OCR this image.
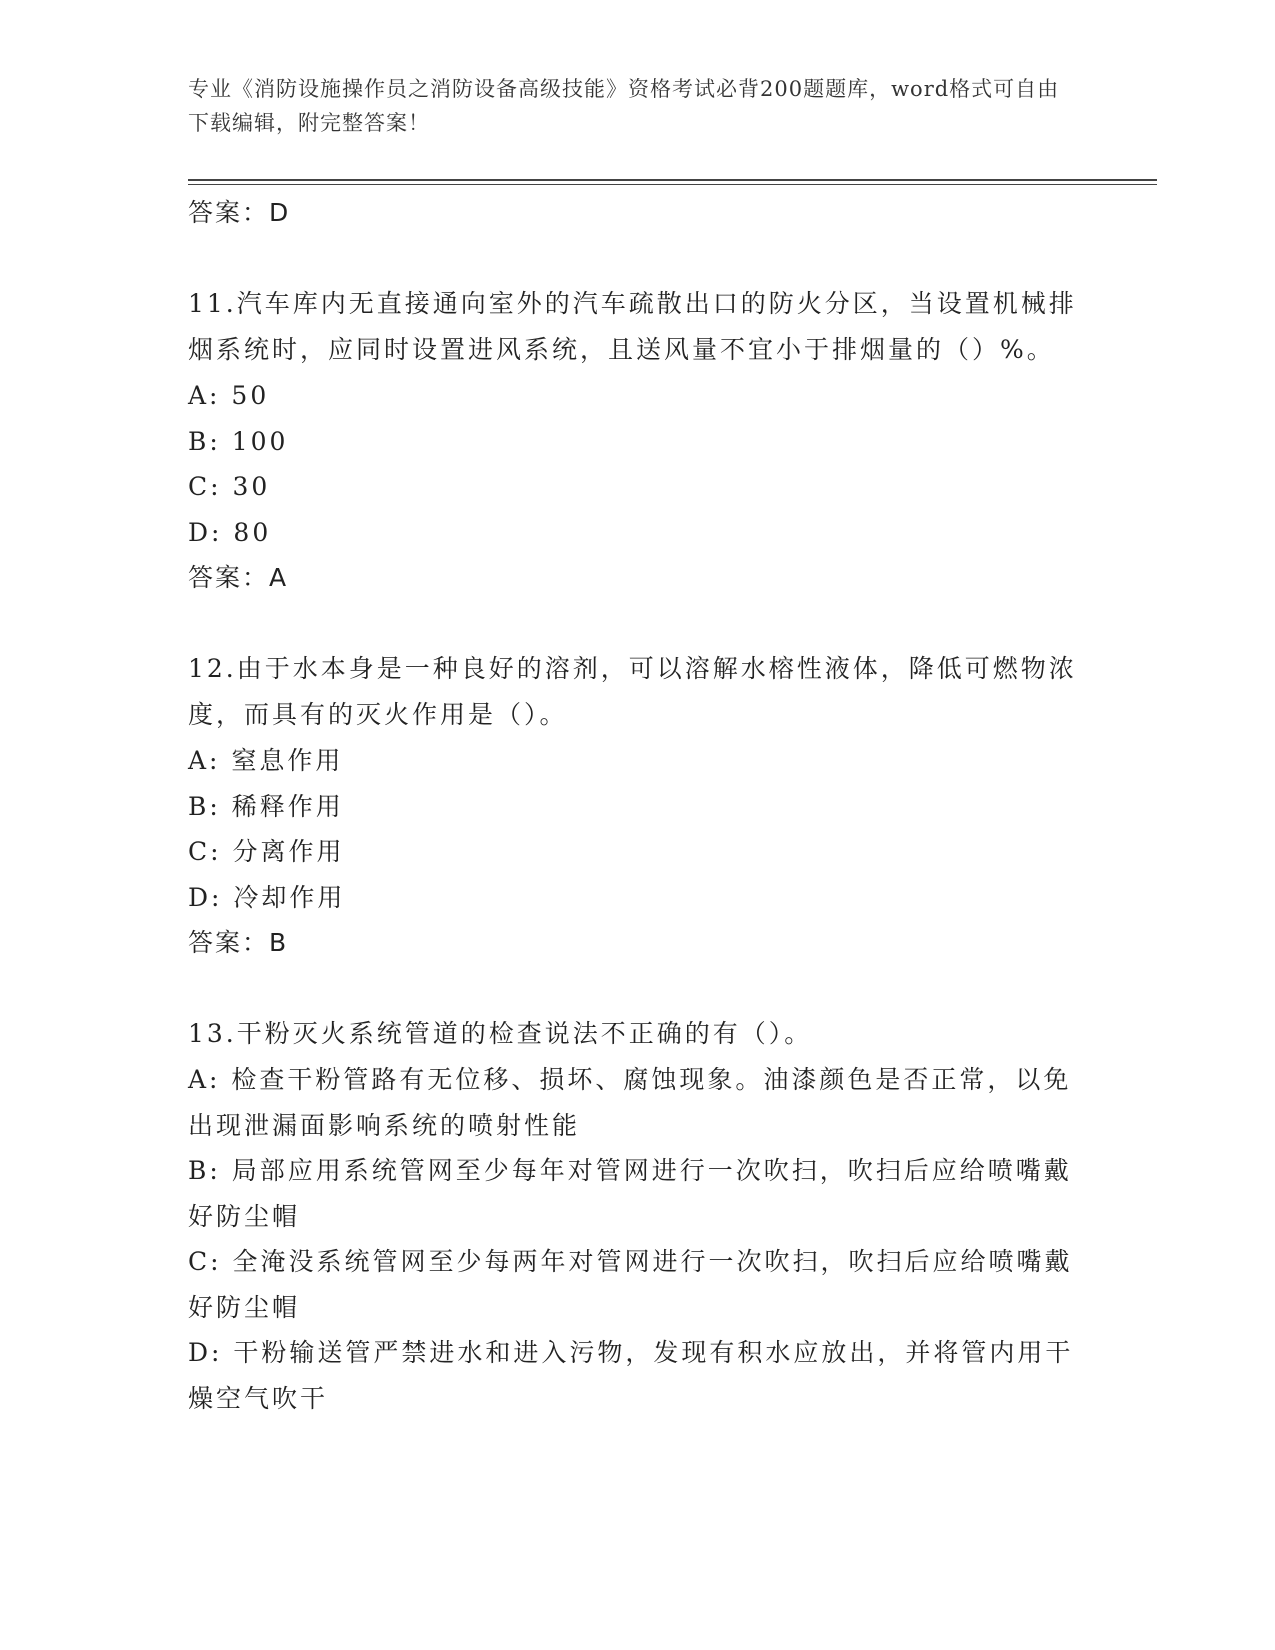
专业《消防设施操作员之消防设备高级技能》资格考试必背200题题库，word格式可自由下载编辑，附完整答案！

答案：D

11.汽车库内无直接通向室外的汽车疏散出口的防火分区，当设置机械排烟系统时，应同时设置进风系统，且送风量不宜小于排烟量的（）%。

A: 50

B: 100

C: 30

D: 80

答案：A

12.由于水本身是一种良好的溶剂，可以溶解水榕性液体，降低可燃物浓度，而具有的灭火作用是（）。

A: 窒息作用

B: 稀释作用

C: 分离作用

D: 冷却作用

答案：B

13.干粉灭火系统管道的检查说法不正确的有（）。

A: 检查干粉管路有无位移、损坏、腐蚀现象。油漆颜色是否正常，以免出现泄漏面影响系统的喷射性能

B: 局部应用系统管网至少每年对管网进行一次吹扫，吹扫后应给喷嘴戴好防尘帽

C: 全淹没系统管网至少每两年对管网进行一次吹扫，吹扫后应给喷嘴戴好防尘帽

D: 干粉输送管严禁进水和进入污物，发现有积水应放出，并将管内用干燥空气吹干
